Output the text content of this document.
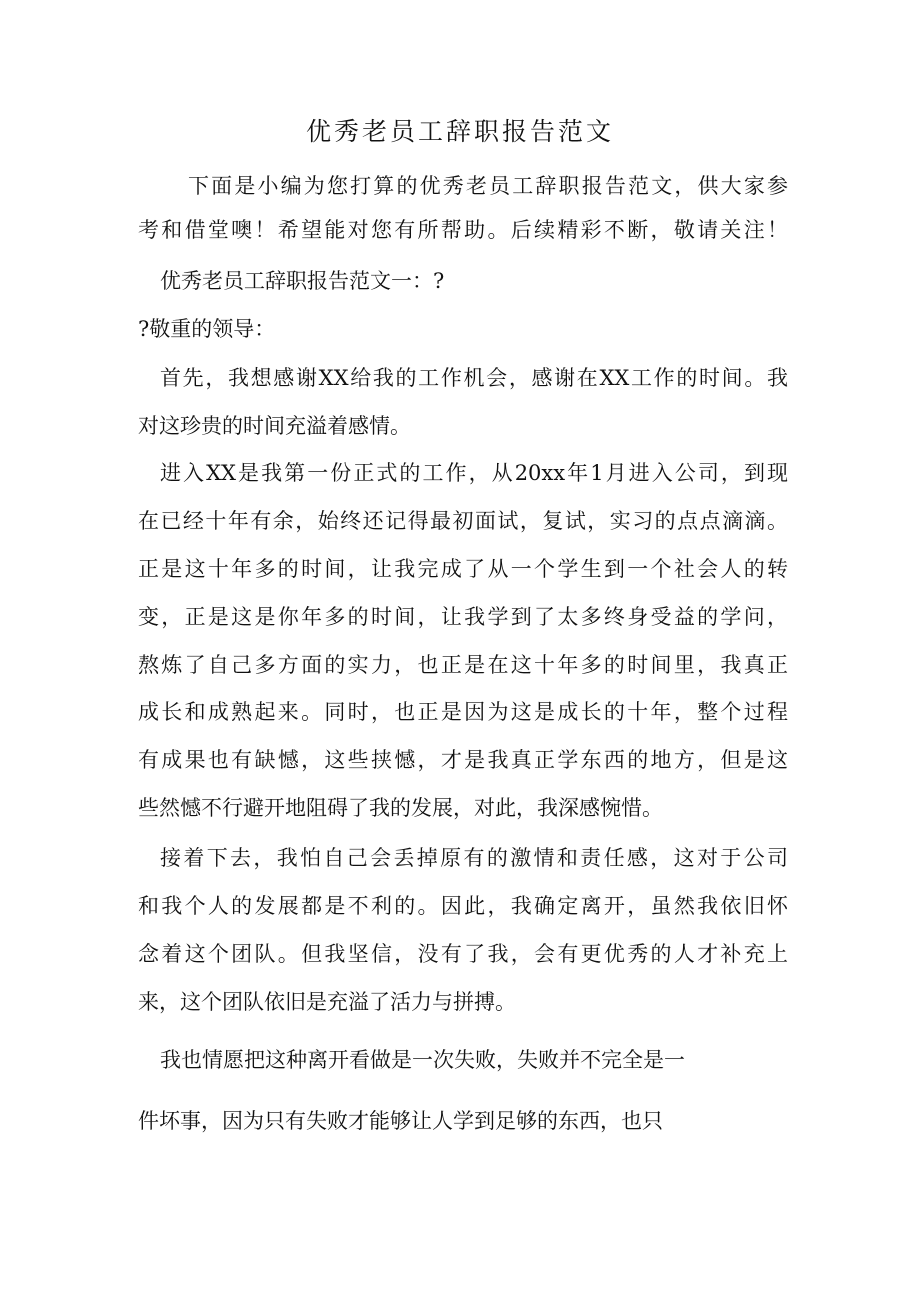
优秀老员工辞职报告范文
下面是小编为您打算的优秀老员工辞职报告范文，供大家参
考和借堂噢！希望能对您有所帮助。后续精彩不断，敬请关注！
优秀老员工辞职报告范文一：?
?敬重的领导：
首先，我想感谢XX给我的工作机会，感谢在XX工作的时间。我
对这珍贵的时间充溢着感情。
进入XX是我第一份正式的工作，从20xx年1月进入公司，到现
在已经十年有余，始终还记得最初面试，复试，实习的点点滴滴。
正是这十年多的时间，让我完成了从一个学生到一个社会人的转
变，正是这是你年多的时间，让我学到了太多终身受益的学问，
熬炼了自己多方面的实力，也正是在这十年多的时间里，我真正
成长和成熟起来。同时，也正是因为这是成长的十年，整个过程
有成果也有缺憾，这些挟憾，才是我真正学东西的地方，但是这
些然憾不行避开地阻碍了我的发展，对此，我深感惋惜。
接着下去，我怕自己会丢掉原有的激情和责任感，这对于公司
和我个人的发展都是不利的。因此，我确定离开，虽然我依旧怀
念着这个团队。但我坚信，没有了我，会有更优秀的人才补充上
来，这个团队依旧是充溢了活力与拼搏。
我也情愿把这种离开看做是一次失败，失败并不完全是一
件坏事，因为只有失败才能够让人学到足够的东西，也只
